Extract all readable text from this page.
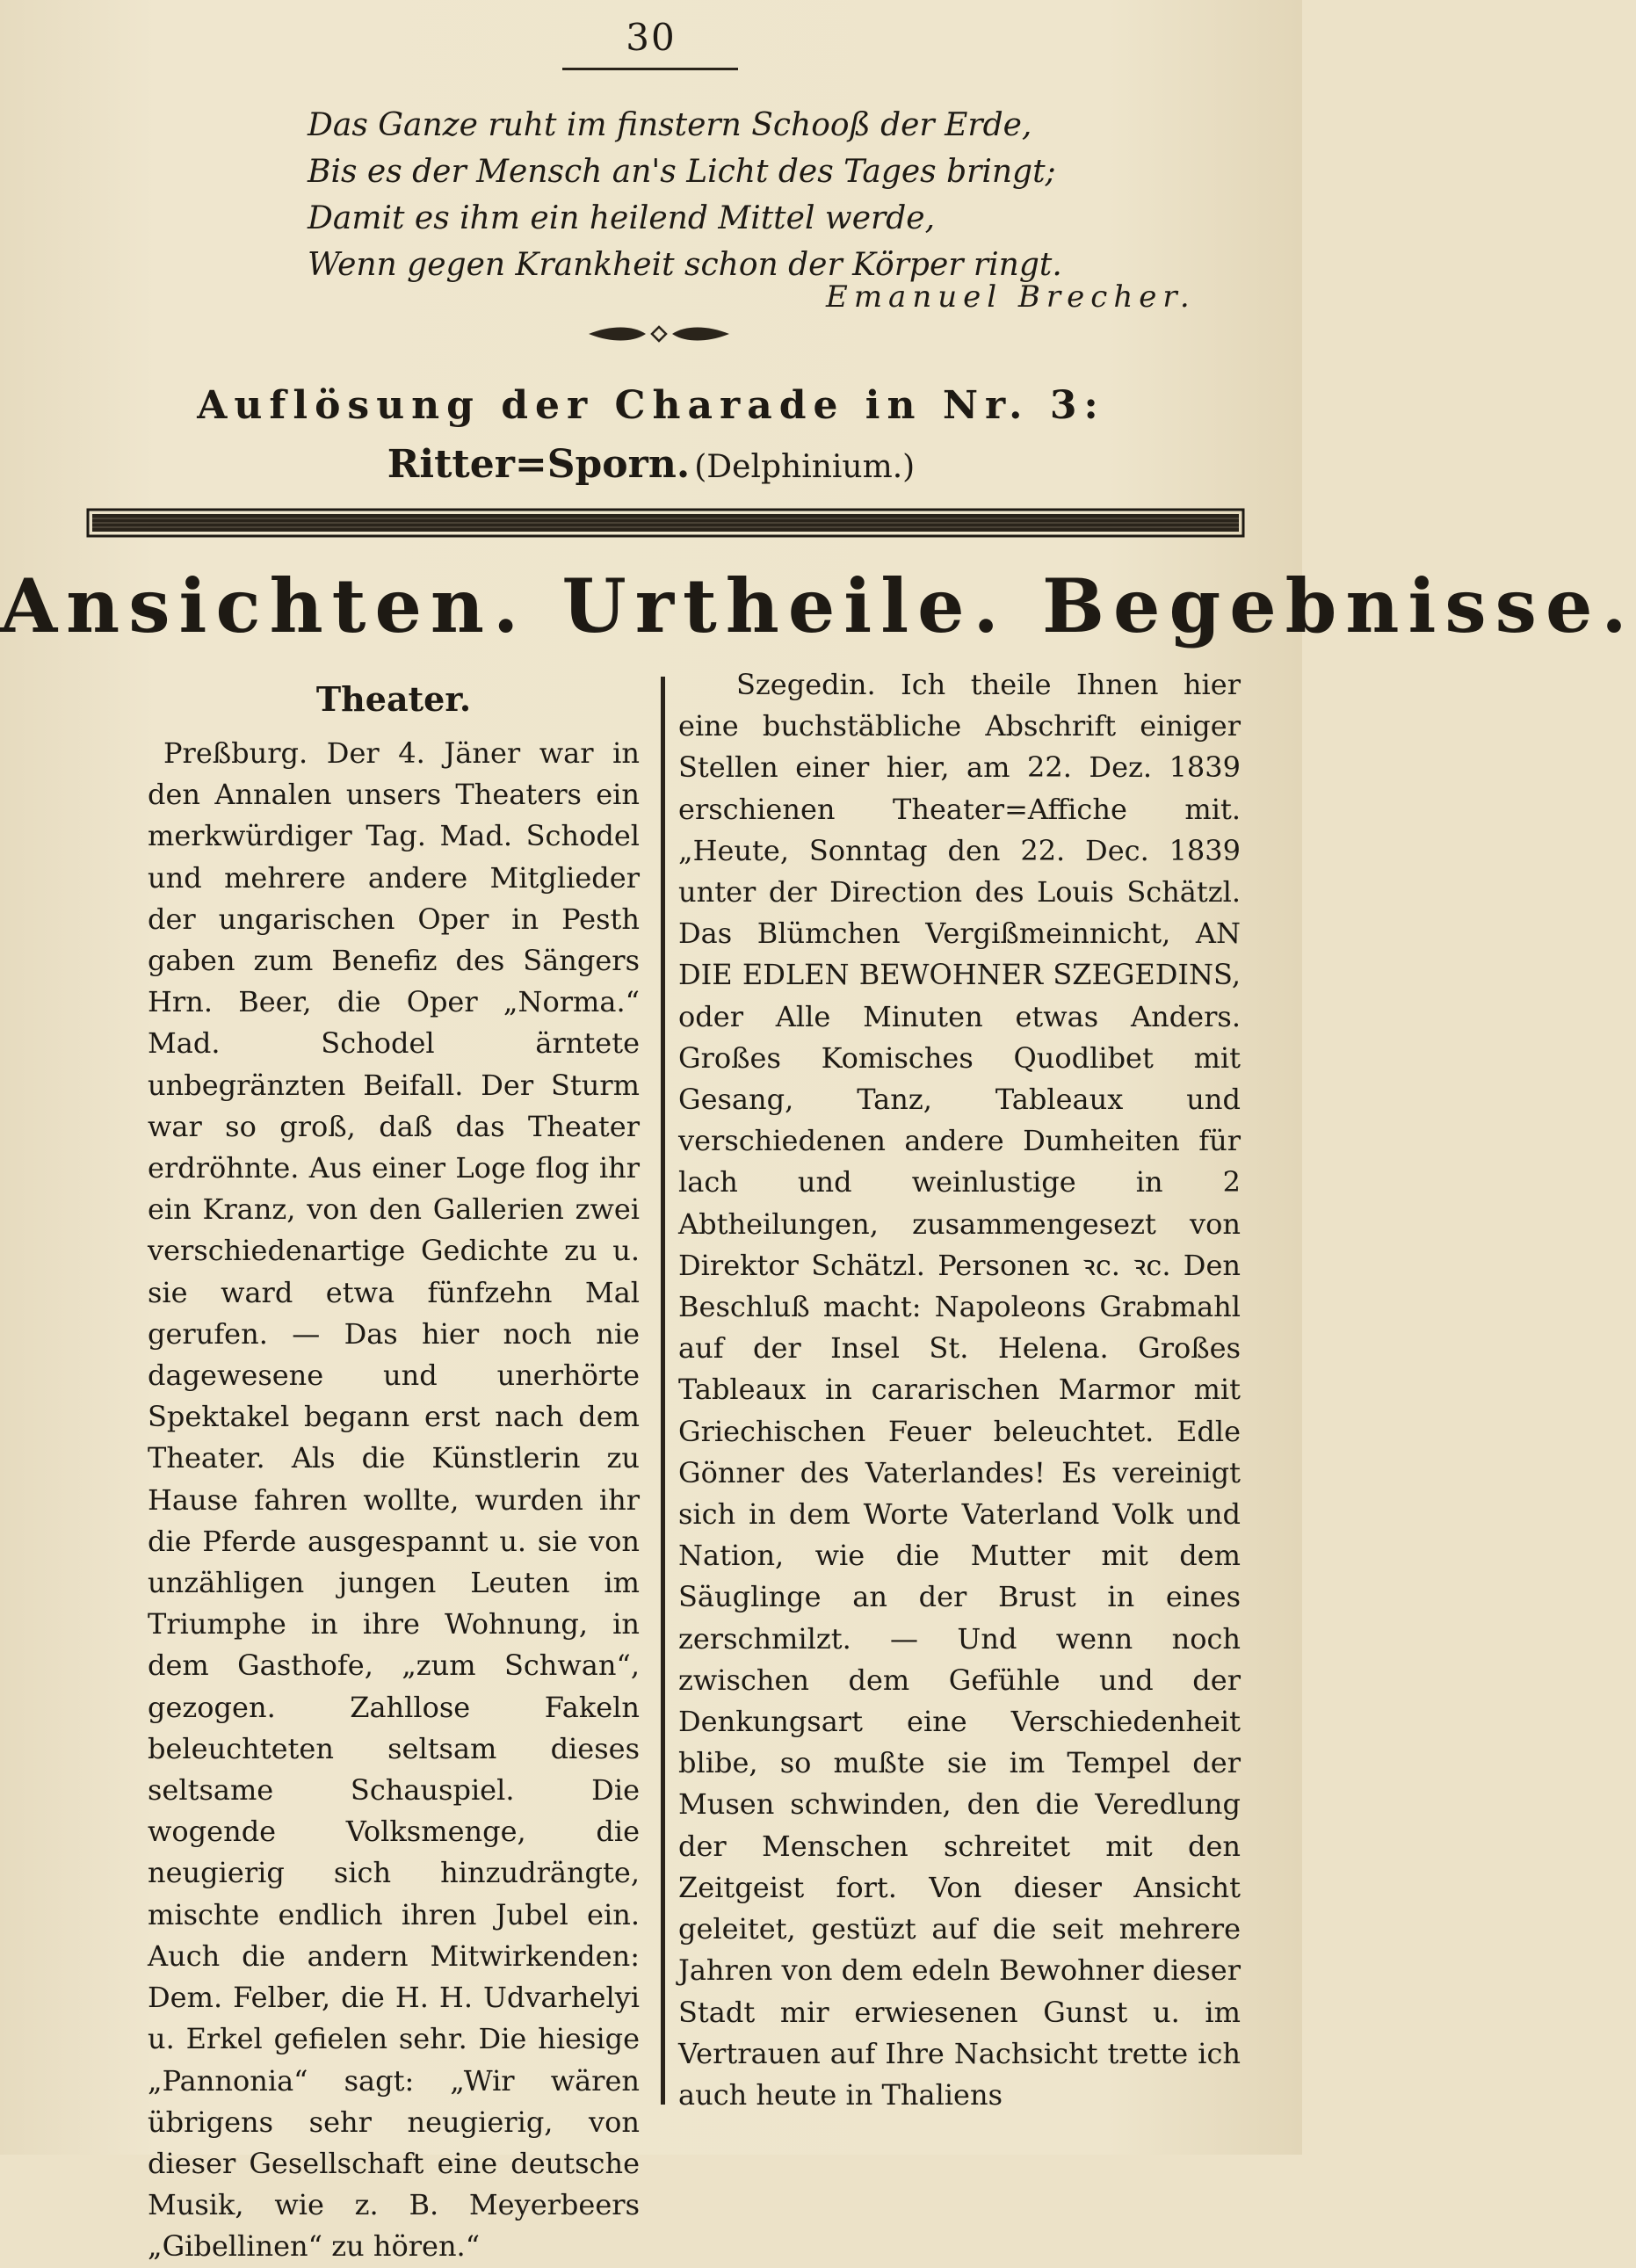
30
Das Ganze ruht im finstern Schooß der Erde,
Bis es der Mensch an's Licht des Tages bringt;
Damit es ihm ein heilend Mittel werde,
Wenn gegen Krankheit schon der Körper ringt.
Emanuel Brecher.
Auflösung der Charade in Nr. 3:
Ritter=Sporn. (Delphinium.)
Ansichten. Urtheile. Begebnisse.
Theater.
Preßburg. Der 4. Jäner war in den Annalen unsers Theaters ein merkwürdiger Tag. Mad. Schodel und mehrere andere Mitglieder der ungarischen Oper in Pesth gaben zum Benefiz des Sängers Hrn. Beer, die Oper „Norma.“ Mad. Schodel ärntete unbegränzten Beifall. Der Sturm war so groß, daß das Theater erdröhnte. Aus einer Loge flog ihr ein Kranz, von den Gallerien zwei verschiedenartige Gedichte zu u. sie ward etwa fünfzehn Mal gerufen. — Das hier noch nie dagewesene und unerhörte Spektakel begann erst nach dem Theater. Als die Künstlerin zu Hause fahren wollte, wurden ihr die Pferde ausgespannt u. sie von unzähligen jungen Leuten im Triumphe in ihre Wohnung, in dem Gasthofe, „zum Schwan“, gezogen. Zahllose Fakeln beleuchteten seltsam dieses seltsame Schauspiel. Die wogende Volksmenge, die neugierig sich hinzudrängte, mischte endlich ihren Jubel ein. Auch die andern Mitwirkenden: Dem. Felber, die H. H. Udvarhelyi u. Erkel gefielen sehr. Die hiesige „Pannonia“ sagt: „Wir wären übrigens sehr neugierig, von dieser Gesellschaft eine deutsche Musik, wie z. B. Meyerbeers „Gibellinen“ zu hören.“
Szegedin. Ich theile Ihnen hier eine buchstäbliche Abschrift einiger Stellen einer hier, am 22. Dez. 1839 erschienen Theater=Affiche mit. „Heute, Sonntag den 22. Dec. 1839 unter der Direction des Louis Schätzl. Das Blümchen Vergißmeinnicht, AN DIE EDLEN BEWOHNER SZEGEDINS, oder Alle Minuten etwas Anders. Großes Komisches Quodlibet mit Gesang, Tanz, Tableaux und verschiedenen andere Dumheiten für lach und weinlustige in 2 Abtheilungen, zusammengesezt von Direktor Schätzl. Personen ꝛc. ꝛc. Den Beschluß macht: Napoleons Grabmahl auf der Insel St. Helena. Großes Tableaux in cararischen Marmor mit Griechischen Feuer beleuchtet. Edle Gönner des Vaterlandes! Es vereinigt sich in dem Worte Vaterland Volk und Nation, wie die Mutter mit dem Säuglinge an der Brust in eines zerschmilzt. — Und wenn noch zwischen dem Gefühle und der Denkungsart eine Verschiedenheit blibe, so mußte sie im Tempel der Musen schwinden, den die Veredlung der Menschen schreitet mit den Zeitgeist fort. Von dieser Ansicht geleitet, gestüzt auf die seit mehrere Jahren von dem edeln Bewohner dieser Stadt mir erwiesenen Gunst u. im Vertrauen auf Ihre Nachsicht trette ich auch heute in Thaliens
